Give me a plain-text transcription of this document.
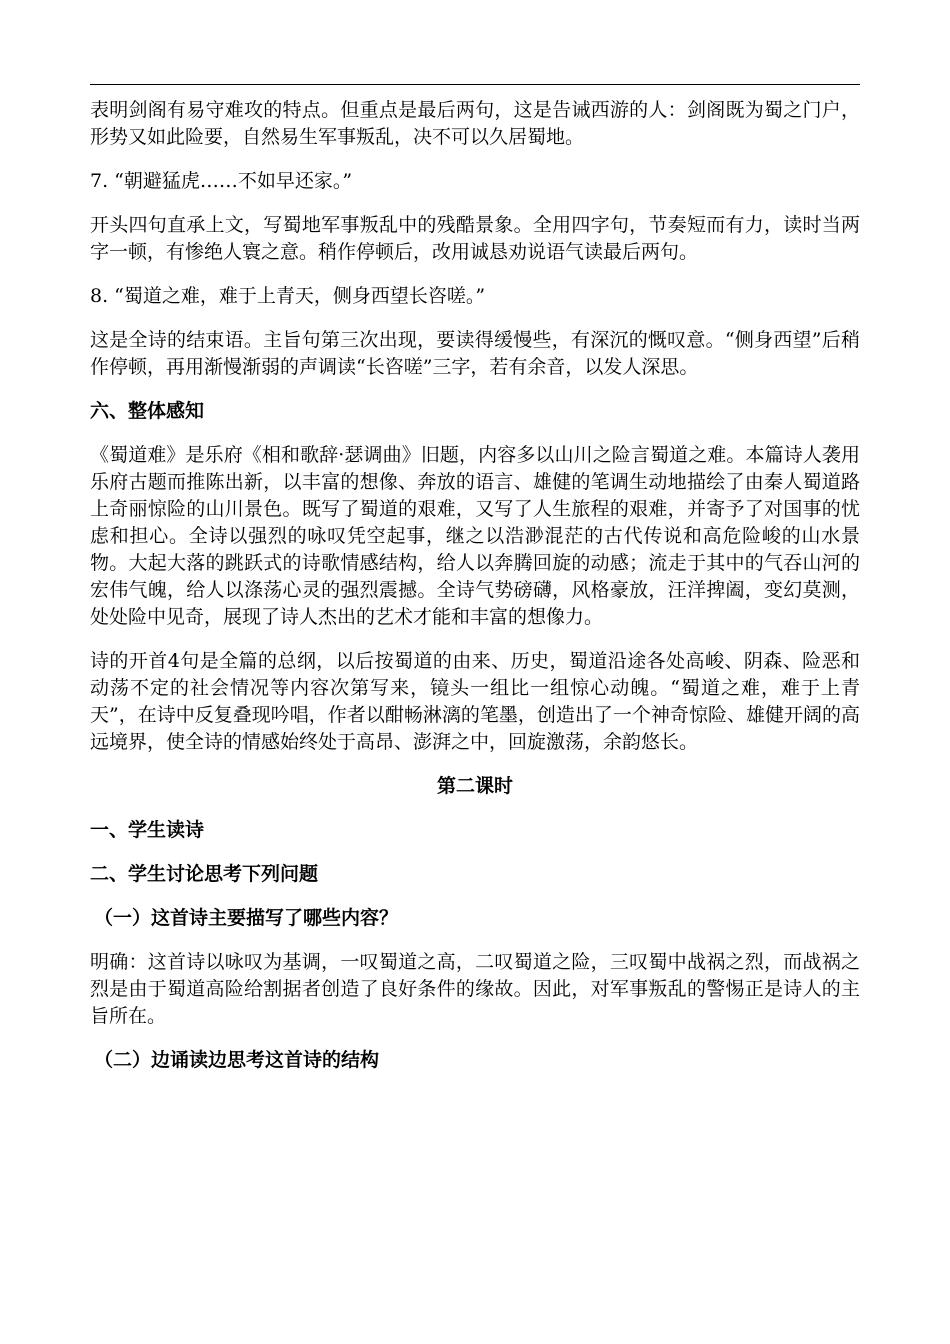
表明剑阁有易守难攻的特点。但重点是最后两句，这是告诫西游的人：剑阁既为蜀之门户，形势又如此险要，自然易生军事叛乱，决不可以久居蜀地。

7. “朝避猛虎……不如早还家。”

开头四句直承上文，写蜀地军事叛乱中的残酷景象。全用四字句，节奏短而有力，读时当两字一顿，有惨绝人寰之意。稍作停顿后，改用诚恳劝说语气读最后两句。

8. “蜀道之难，难于上青天，侧身西望长咨嗟。”

这是全诗的结束语。主旨句第三次出现，要读得缓慢些，有深沉的慨叹意。“侧身西望”后稍作停顿，再用渐慢渐弱的声调读“长咨嗟”三字，若有余音，以发人深思。

六、整体感知

《蜀道难》是乐府《相和歌辞·瑟调曲》旧题，内容多以山川之险言蜀道之难。本篇诗人袭用乐府古题而推陈出新，以丰富的想像、奔放的语言、雄健的笔调生动地描绘了由秦人蜀道路上奇丽惊险的山川景色。既写了蜀道的艰难，又写了人生旅程的艰难，并寄予了对国事的忧虑和担心。全诗以强烈的咏叹凭空起事，继之以浩渺混茫的古代传说和高危险峻的山水景物。大起大落的跳跃式的诗歌情感结构，给人以奔腾回旋的动感；流走于其中的气吞山河的宏伟气魄，给人以涤荡心灵的强烈震撼。全诗气势磅礴，风格豪放，汪洋捭阖，变幻莫测，处处险中见奇，展现了诗人杰出的艺术才能和丰富的想像力。

诗的开首4句是全篇的总纲，以后按蜀道的由来、历史，蜀道沿途各处高峻、阴森、险恶和动荡不定的社会情况等内容次第写来，镜头一组比一组惊心动魄。“蜀道之难，难于上青天”，在诗中反复叠现吟唱，作者以酣畅淋漓的笔墨，创造出了一个神奇惊险、雄健开阔的高远境界，使全诗的情感始终处于高昂、澎湃之中，回旋激荡，余韵悠长。

第二课时
一、学生读诗
二、学生讨论思考下列问题
（一）这首诗主要描写了哪些内容？

明确：这首诗以咏叹为基调，一叹蜀道之高，二叹蜀道之险，三叹蜀中战祸之烈，而战祸之烈是由于蜀道高险给割据者创造了良好条件的缘故。因此，对军事叛乱的警惕正是诗人的主旨所在。

（二）边诵读边思考这首诗的结构
